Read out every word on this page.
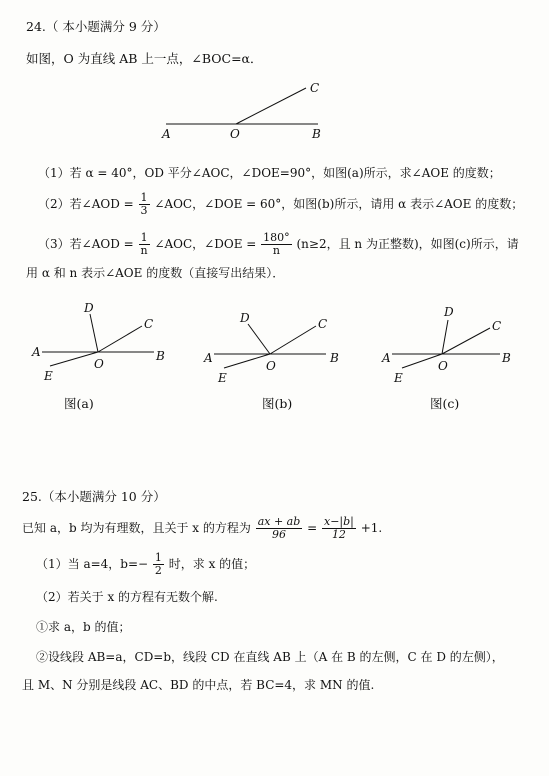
24.（ 本小题满分 9 分）
如图，O 为直线 AB 上一点，∠BOC=α．
A	O	B
C
（1）若 α = 40°，OD 平分∠AOC，∠DOE=90°，如图(a)所示，求∠AOE 的度数；
（2）若∠AOD = $\frac{1}{3}$ ∠AOC，∠DOE = 60°，如图(b)所示，请用 α 表示∠AOE 的度数；
（3）若∠AOD = $\frac{1}{n}$ ∠AOC，∠DOE = $\frac{180^\circ}{n} (n\ge 2$，且 n 为正整数)，如图(c)所示，请
用 α 和 n 表示∠AOE 的度数（直接写出结果）．
A
O
B
C
D
E
图(a)
A
O
B
C
D
E
图(b)
A
O
B
C
D
E
图(c)
25.（本小题满分 10 分）
已知 a，b 均为有理数，且关于 x 的方程为 $\frac{ax + ab}{96} = \frac{x-|b|}{12} +1$.
（1）当 a=4，$b=- \frac{1}{2}$ 时，求 x 的值；
（2）若关于 x 的方程有无数个解.
①求 a，b 的值；
②设线段 AB=a，CD=b，线段 CD 在直线 AB 上（A 在 B 的左侧，C 在 D 的左侧），
且 M、N 分别是线段 AC、BD 的中点，若 BC=4，求 MN 的值.
